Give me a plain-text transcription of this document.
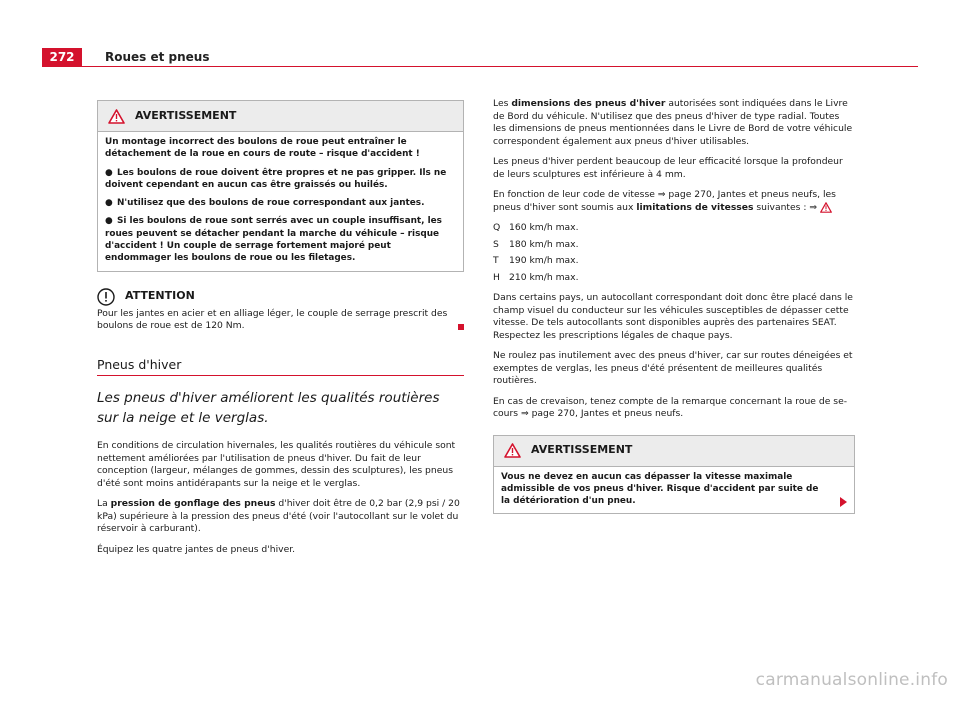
272	Roues et pneus
AVERTISSEMENT

Un montage incorrect des boulons de roue peut entraîner le détachement de la roue en cours de route – risque d'accident !

● Les boulons de roue doivent être propres et ne pas gripper. Ils ne doivent cependant en aucun cas être graissés ou huilés.

● N'utilisez que des boulons de roue correspondant aux jantes.

● Si les boulons de roue sont serrés avec un couple insuffisant, les roues peuvent se détacher pendant la marche du véhicule – risque d'accident ! Un couple de serrage fortement majoré peut endommager les boulons de roue ou les filetages.

ATTENTION

Pour les jantes en acier et en alliage léger, le couple de serrage prescrit des boulons de roue est de 120 Nm.

Pneus d'hiver
Les pneus d'hiver améliorent les qualités routières sur la neige et le verglas.

En conditions de circulation hivernales, les qualités routières du véhicule sont nettement améliorées par l'utilisation de pneus d'hiver. Du fait de leur conception (largeur, mélanges de gommes, dessin des sculptures), les pneus d'été sont moins antidérapants sur la neige et le verglas.

La pression de gonflage des pneus d'hiver doit être de 0,2 bar (2,9 psi / 20 kPa) supérieure à la pression des pneus d'été (voir l'autocollant sur le volet du réservoir à carburant).

Équipez les quatre jantes de pneus d'hiver.

Les dimensions des pneus d'hiver autorisées sont indiquées dans le Livre de Bord du véhicule. N'utilisez que des pneus d'hiver de type radial. Toutes les dimensions de pneus mentionnées dans le Livre de Bord de votre véhicule correspondent également aux pneus d'hiver utilisables.

Les pneus d'hiver perdent beaucoup de leur efficacité lorsque la profondeur de leurs sculptures est inférieure à 4 mm.

En fonction de leur code de vitesse ⇒ page 270, Jantes et pneus neufs, les pneus d'hiver sont soumis aux limitations de vitesses suivantes : ⇒

Q 160 km/h max.
S	180 km/h max.
T	190 km/h max.
H 210 km/h max.

Dans certains pays, un autocollant correspondant doit donc être placé dans le champ visuel du conducteur sur les véhicules susceptibles de dépasser cette vitesse. De tels autocollants sont disponibles auprès des partenaires SEAT. Respectez les prescriptions légales de chaque pays.

Ne roulez pas inutilement avec des pneus d'hiver, car sur routes déneigées et exemptes de verglas, les pneus d'été présentent de meilleures qualités routières.

En cas de crevaison, tenez compte de la remarque concernant la roue de secours ⇒ page 270, Jantes et pneus neufs.

AVERTISSEMENT
Vous ne devez en aucun cas dépasser la vitesse maximale admissible de vos pneus d'hiver. Risque d'accident par suite de la détérioration d'un pneu.
carmanualsonline.info
